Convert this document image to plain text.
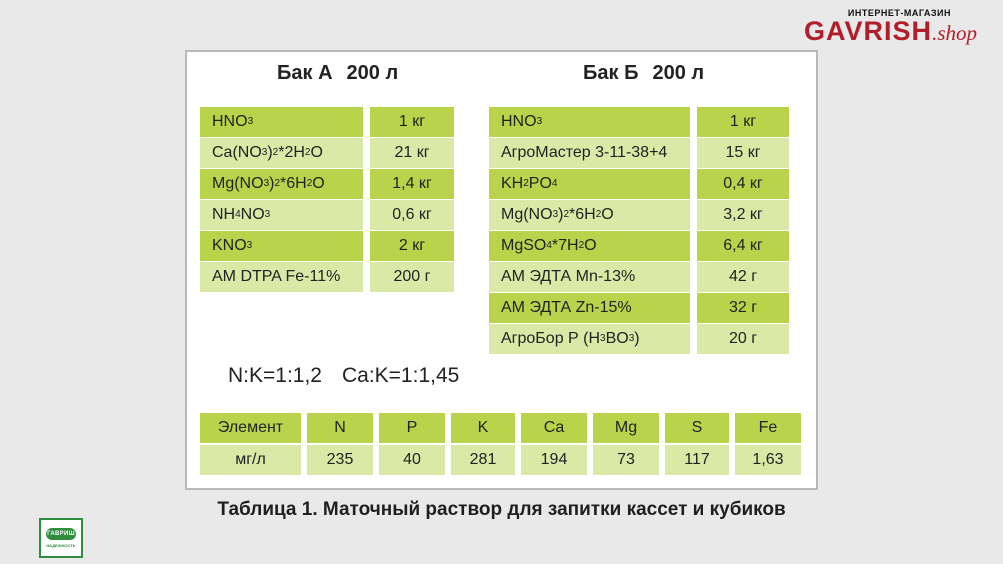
ИНТЕРНЕТ-МАГАЗИН
GAVRISH.shop
Бак А 200 л	Бак Б 200 л
HNO 3	1 кг
Ca(NO 3 ) 2 *2H 2 O	21 кг
Mg(NO 3 ) 2 *6H 2 O	1,4 кг
NH 4 NO 3	0,6 кг
KNO 3	2 кг
AM DTPA Fe-11%	200 г
HNO 3	1 кг
АгроМастер 3-11-38+4	15 кг
KH 2 PO 4	0,4 кг
Mg(NO 3 ) 2 *6H 2 O	3,2 кг
MgSO 4 *7H 2 O	6,4 кг
АМ ЭДТА Mn-13%	42 г
АМ ЭДТА Zn-15%	32 г
АгроБор Р (H 3 BO 3 )	20 г
N:K=1:1,2 Ca:K=1:1,45
Элемент	N	P	K	Ca	Mg	S	Fe
мг/л	235	40	281	194	73	117	1,63
Таблица 1. Маточный раствор для запитки кассет и кубиков
ГАВРИШ
НАДЕЖНОСТЬ
